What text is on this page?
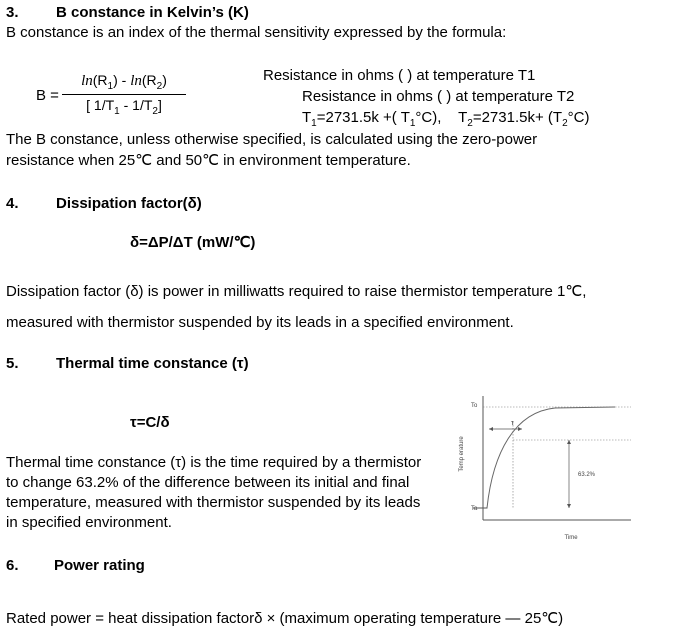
3.	B constance in Kelvin’s (K)
B constance is an index of the thermal sensitivity expressed by the formula:
B =
$\ln(R_1) - \ln(R_2)$
[ $1/T_1 - 1/T_2$]
Resistance in ohms ( ) at temperature T1
Resistance in ohms ( ) at temperature T2
$T_1=2731.5k$ +( $T_1^\circ C$), $T_2=2731.5k+ (T_2^\circ C)$
The B constance, unless otherwise specified, is calculated using the zero-power
resistance when 25℃ and 50℃ in environment temperature.
4.	Dissipation factor(δ)
δ=ΔP/ΔT (mW/℃)
Dissipation factor (δ) is power in milliwatts required to raise thermistor temperature 1℃,
measured with thermistor suspended by its leads in a specified environment.
5.	Thermal time constance (τ)
τ=C/δ
Thermal time constance (τ) is the time required by a thermistor
to change 63.2% of the difference between its initial and final
temperature, measured with thermistor suspended by its leads
in specified environment.
To
Ta
Temp erature
Time
63.2%
τ
6.	Power rating
Rated power = heat dissipation factorδ × (maximum operating temperature — 25℃)
